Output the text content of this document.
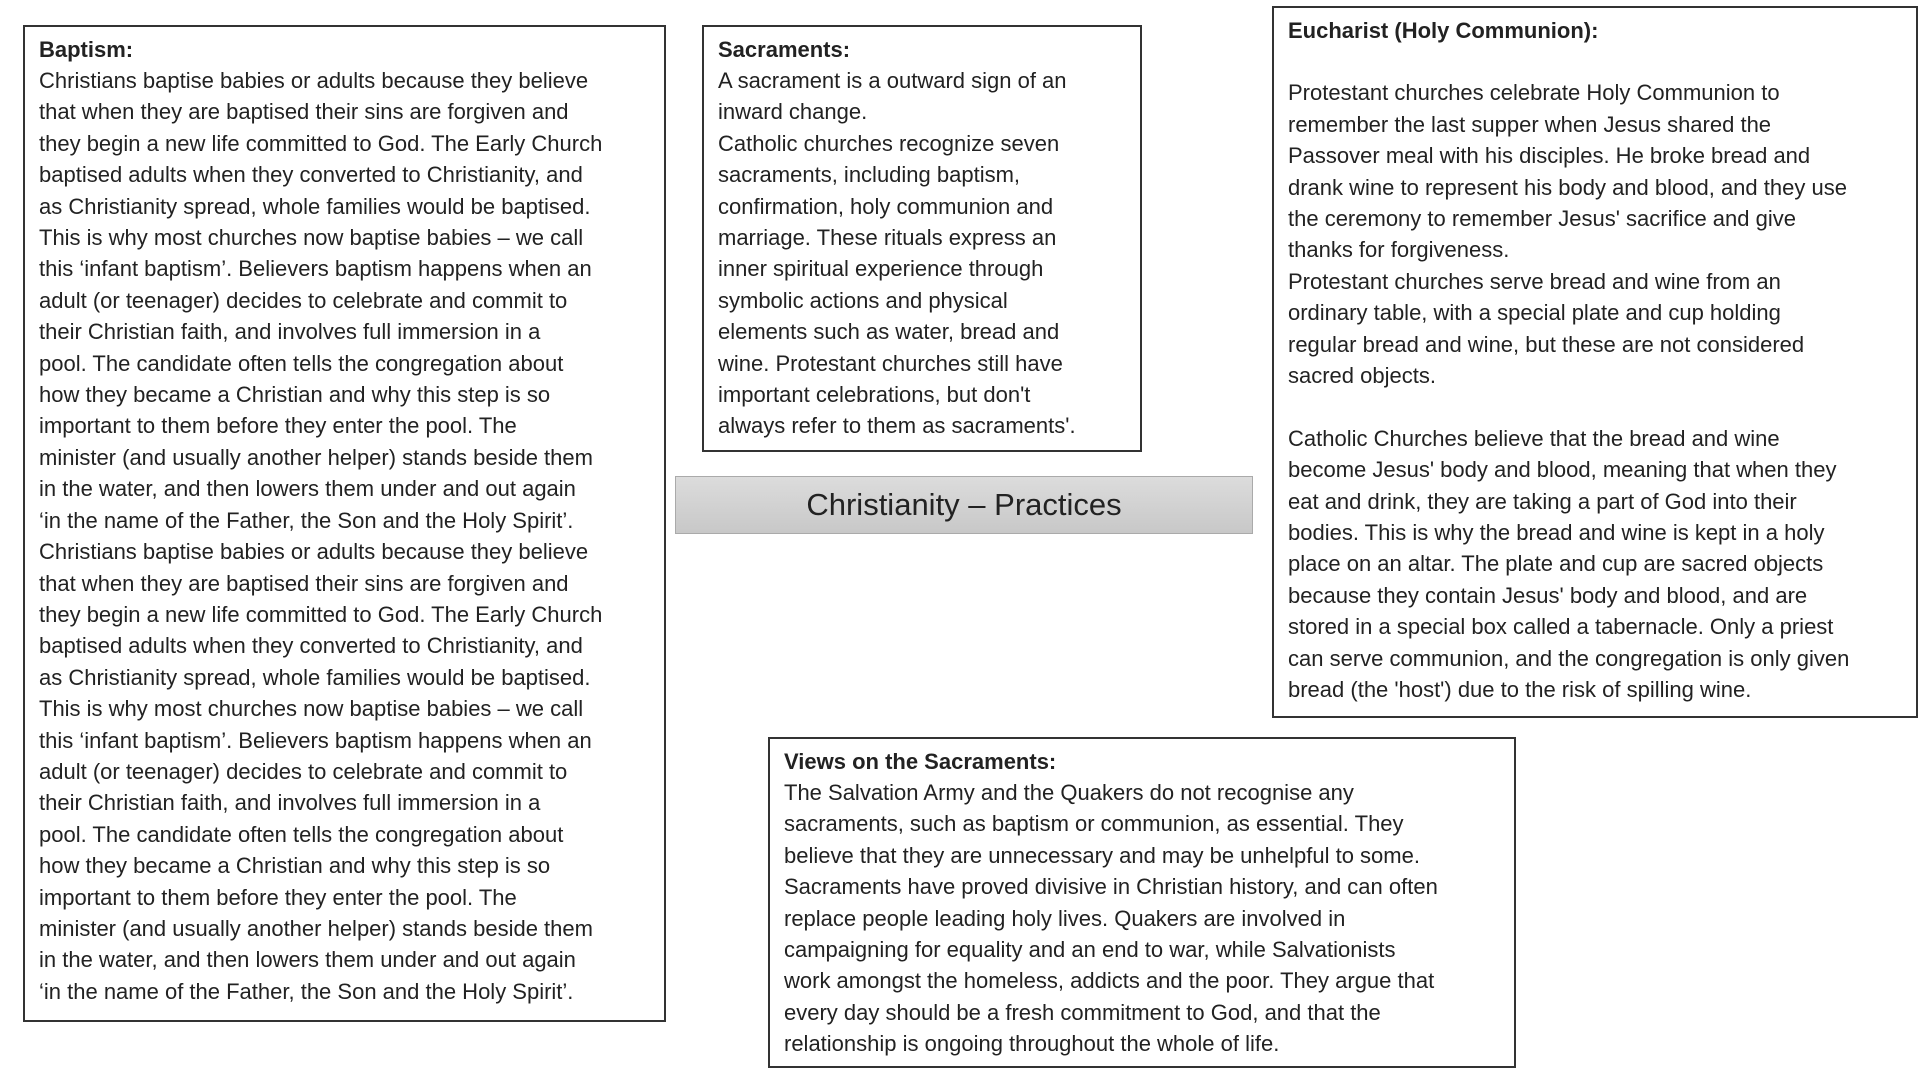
Baptism:

Christians baptise babies or adults because they believe
that when they are baptised their sins are forgiven and
they begin a new life committed to God. The Early Church
baptised adults when they converted to Christianity, and
as Christianity spread, whole families would be baptised.
This is why most churches now baptise babies – we call
this ‘infant baptism’. Believers baptism happens when an
adult (or teenager) decides to celebrate and commit to
their Christian faith, and involves full immersion in a
pool. The candidate often tells the congregation about
how they became a Christian and why this step is so
important to them before they enter the pool. The
minister (and usually another helper) stands beside them
in the water, and then lowers them under and out again
‘in the name of the Father, the Son and the Holy Spirit’.
Christians baptise babies or adults because they believe
that when they are baptised their sins are forgiven and
they begin a new life committed to God. The Early Church
baptised adults when they converted to Christianity, and
as Christianity spread, whole families would be baptised.
This is why most churches now baptise babies – we call
this ‘infant baptism’. Believers baptism happens when an
adult (or teenager) decides to celebrate and commit to
their Christian faith, and involves full immersion in a
pool. The candidate often tells the congregation about
how they became a Christian and why this step is so
important to them before they enter the pool. The
minister (and usually another helper) stands beside them
in the water, and then lowers them under and out again
‘in the name of the Father, the Son and the Holy Spirit’.

Sacraments:

A sacrament is a outward sign of an
inward change.
Catholic churches recognize seven
sacraments, including baptism,
confirmation, holy communion and
marriage. These rituals express an
inner spiritual experience through
symbolic actions and physical
elements such as water, bread and
wine. Protestant churches still have
important celebrations, but don't
always refer to them as sacraments'.

Christianity – Practices
Eucharist (Holy Communion):

Protestant churches celebrate Holy Communion to
remember the last supper when Jesus shared the
Passover meal with his disciples. He broke bread and
drank wine to represent his body and blood, and they use
the ceremony to remember Jesus' sacrifice and give
thanks for forgiveness.
Protestant churches serve bread and wine from an
ordinary table, with a special plate and cup holding
regular bread and wine, but these are not considered
sacred objects.
Catholic Churches believe that the bread and wine
become Jesus' body and blood, meaning that when they
eat and drink, they are taking a part of God into their
bodies. This is why the bread and wine is kept in a holy
place on an altar. The plate and cup are sacred objects
because they contain Jesus' body and blood, and are
stored in a special box called a tabernacle. Only a priest
can serve communion, and the congregation is only given
bread (the 'host') due to the risk of spilling wine.

Views on the Sacraments:

The Salvation Army and the Quakers do not recognise any
sacraments, such as baptism or communion, as essential. They
believe that they are unnecessary and may be unhelpful to some.
Sacraments have proved divisive in Christian history, and can often
replace people leading holy lives. Quakers are involved in
campaigning for equality and an end to war, while Salvationists
work amongst the homeless, addicts and the poor. They argue that
every day should be a fresh commitment to God, and that the
relationship is ongoing throughout the whole of life.
